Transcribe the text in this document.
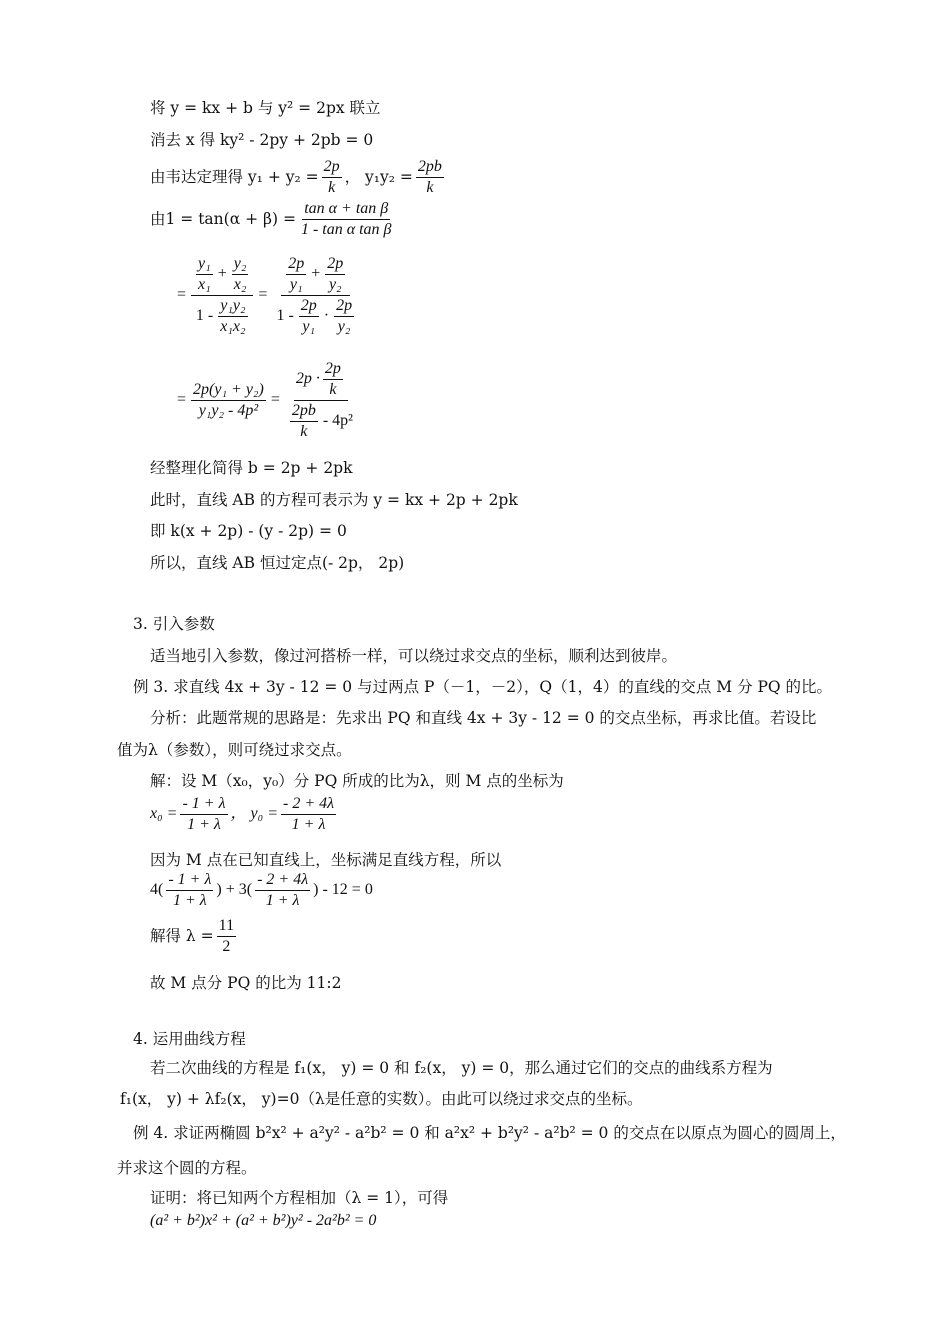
将 y = kx + b 与 y² = 2px 联立
消去 x 得 ky² - 2py + 2pb = 0
由韦达定理得 $y_1 + y_2 = \frac{2p}{k}$ ， $y_1y_2 = \frac{2pb}{k}$
由$1 = \tan(\alpha + \beta) = \frac{\text{tan α + tan β}}{\text{1 - tan α tan β}}$
= $\frac{\frac{\text{y₁}}{\text{x₁}} + \frac{\text{y₂}}{\text{x₂}}}{1 - \frac{\text{y₁y₂}}{\text{x₁x₂}}} = \frac{\frac{2p}{\text{y₁}} + \frac{2p}{\text{y₂}}}{1 - \frac{2p}{\text{y₁}} \cdot \frac{2p}{\text{y₂}}}$
= $\frac{\text{2p(y₁ + y₂)}}{\text{y₁y₂ - 4p²}} = \frac{2p \cdot \frac{2p}{k}}{\frac{2pb}{k} - 4p^2}$
经整理化简得 b = 2p + 2pk
此时，直线 AB 的方程可表示为 y = kx + 2p + 2pk
即 k(x + 2p) - (y - 2p) = 0
所以，直线 AB 恒过定点(- 2p， 2p)
3. 引入参数
适当地引入参数，像过河搭桥一样，可以绕过求交点的坐标，顺利达到彼岸。
例 3. 求直线 4x + 3y - 12 = 0 与过两点 P（－1，－2），Q（1，4）的直线的交点 M 分 PQ 的比。
分析：此题常规的思路是：先求出 PQ 和直线 4x + 3y - 12 = 0 的交点坐标，再求比值。若设比
值为λ（参数），则可绕过求交点。
解：设 M（x₀，y₀）分 PQ 所成的比为λ，则 M 点的坐标为
$x_0 = \frac{- 1 + \lambda}{1 + \lambda}$ ， $y_0 = \frac{- 2 + 4\lambda}{1 + \lambda}$
因为 M 点在已知直线上，坐标满足直线方程，所以
$4( \frac{- 1 + \lambda}{1 + \lambda}$ ) + $3( \frac{- 2 + 4\lambda}{1 + \lambda}$ ) - 12 = 0
解得 $\lambda = \frac{11}{2}$
故 M 点分 PQ 的比为 11:2
4. 运用曲线方程
若二次曲线的方程是 f₁(x， y) = 0 和 f₂(x， y) = 0，那么通过它们的交点的曲线系方程为
f₁(x， y) + λf₂(x， y)=0（λ是任意的实数）。由此可以绕过求交点的坐标。
例 4. 求证两椭圆 b²x² + a²y² - a²b² = 0 和 a²x² + b²y² - a²b² = 0 的交点在以原点为圆心的圆周上，
并求这个圆的方程。
证明：将已知两个方程相加（λ = 1），可得
(a² + b²)x² + (a² + b²)y² - 2a²b² = 0
